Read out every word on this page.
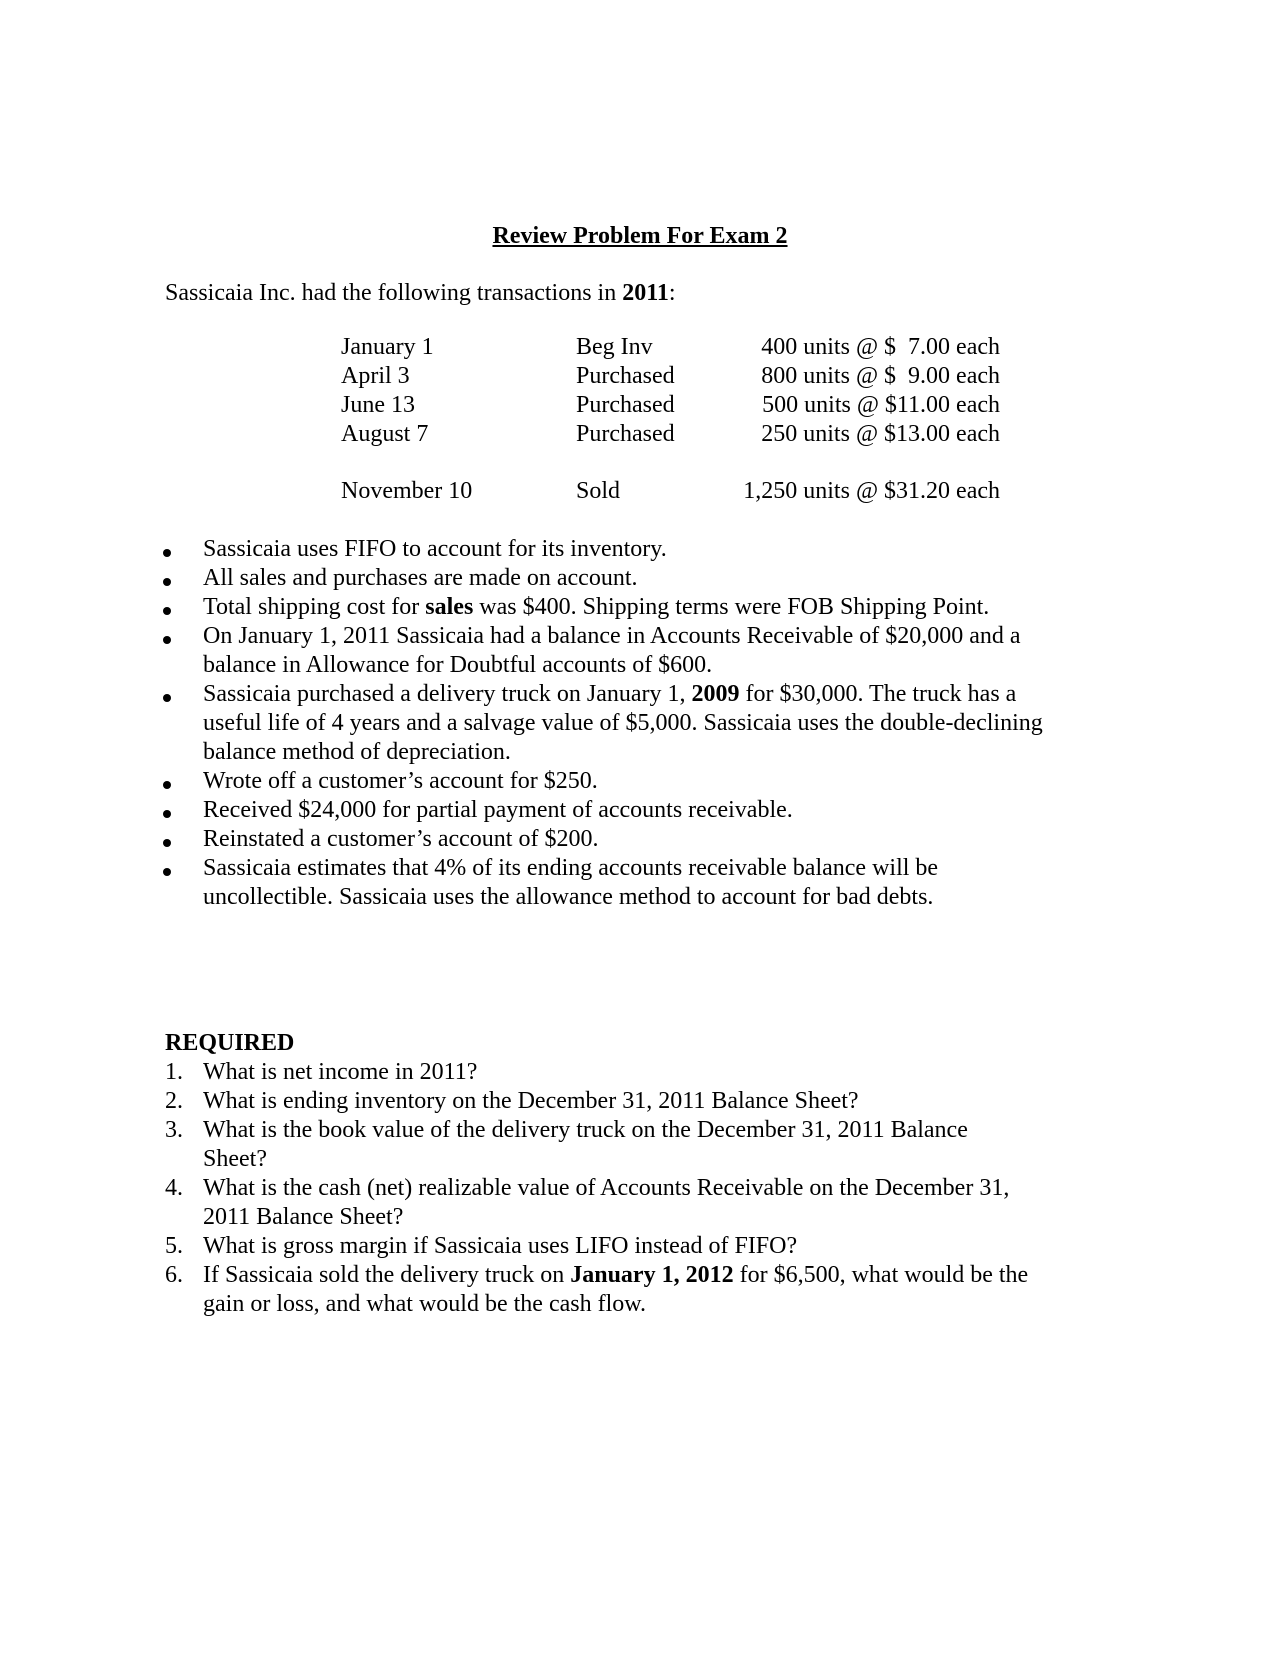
Review Problem For Exam 2
Sassicaia Inc. had the following transactions in 2011:
January 1	Beg Inv	400 units @ $  7.00 each
April 3	Purchased	800 units @ $  9.00 each
June 13	Purchased	500 units @ $11.00 each
August 7	Purchased	250 units @ $13.00 each
November 10	Sold	1,250 units @ $31.20 each
Sassicaia uses FIFO to account for its inventory.
All sales and purchases are made on account.
Total shipping cost for sales was $400. Shipping terms were FOB Shipping Point.
On January 1, 2011 Sassicaia had a balance in Accounts Receivable of $20,000 and a
balance in Allowance for Doubtful accounts of $600.
Sassicaia purchased a delivery truck on January 1, 2009 for $30,000. The truck has a
useful life of 4 years and a salvage value of $5,000. Sassicaia uses the double-declining
balance method of depreciation.
Wrote off a customer’s account for $250.
Received $24,000 for partial payment of accounts receivable.
Reinstated a customer’s account of $200.
Sassicaia estimates that 4% of its ending accounts receivable balance will be
uncollectible. Sassicaia uses the allowance method to account for bad debts.
REQUIRED
1. What is net income in 2011?
2. What is ending inventory on the December 31, 2011 Balance Sheet?
3. What is the book value of the delivery truck on the December 31, 2011 Balance
Sheet?
4. What is the cash (net) realizable value of Accounts Receivable on the December 31,
2011 Balance Sheet?
5. What is gross margin if Sassicaia uses LIFO instead of FIFO?
6. If Sassicaia sold the delivery truck on January 1, 2012 for $6,500, what would be the
gain or loss, and what would be the cash flow.
